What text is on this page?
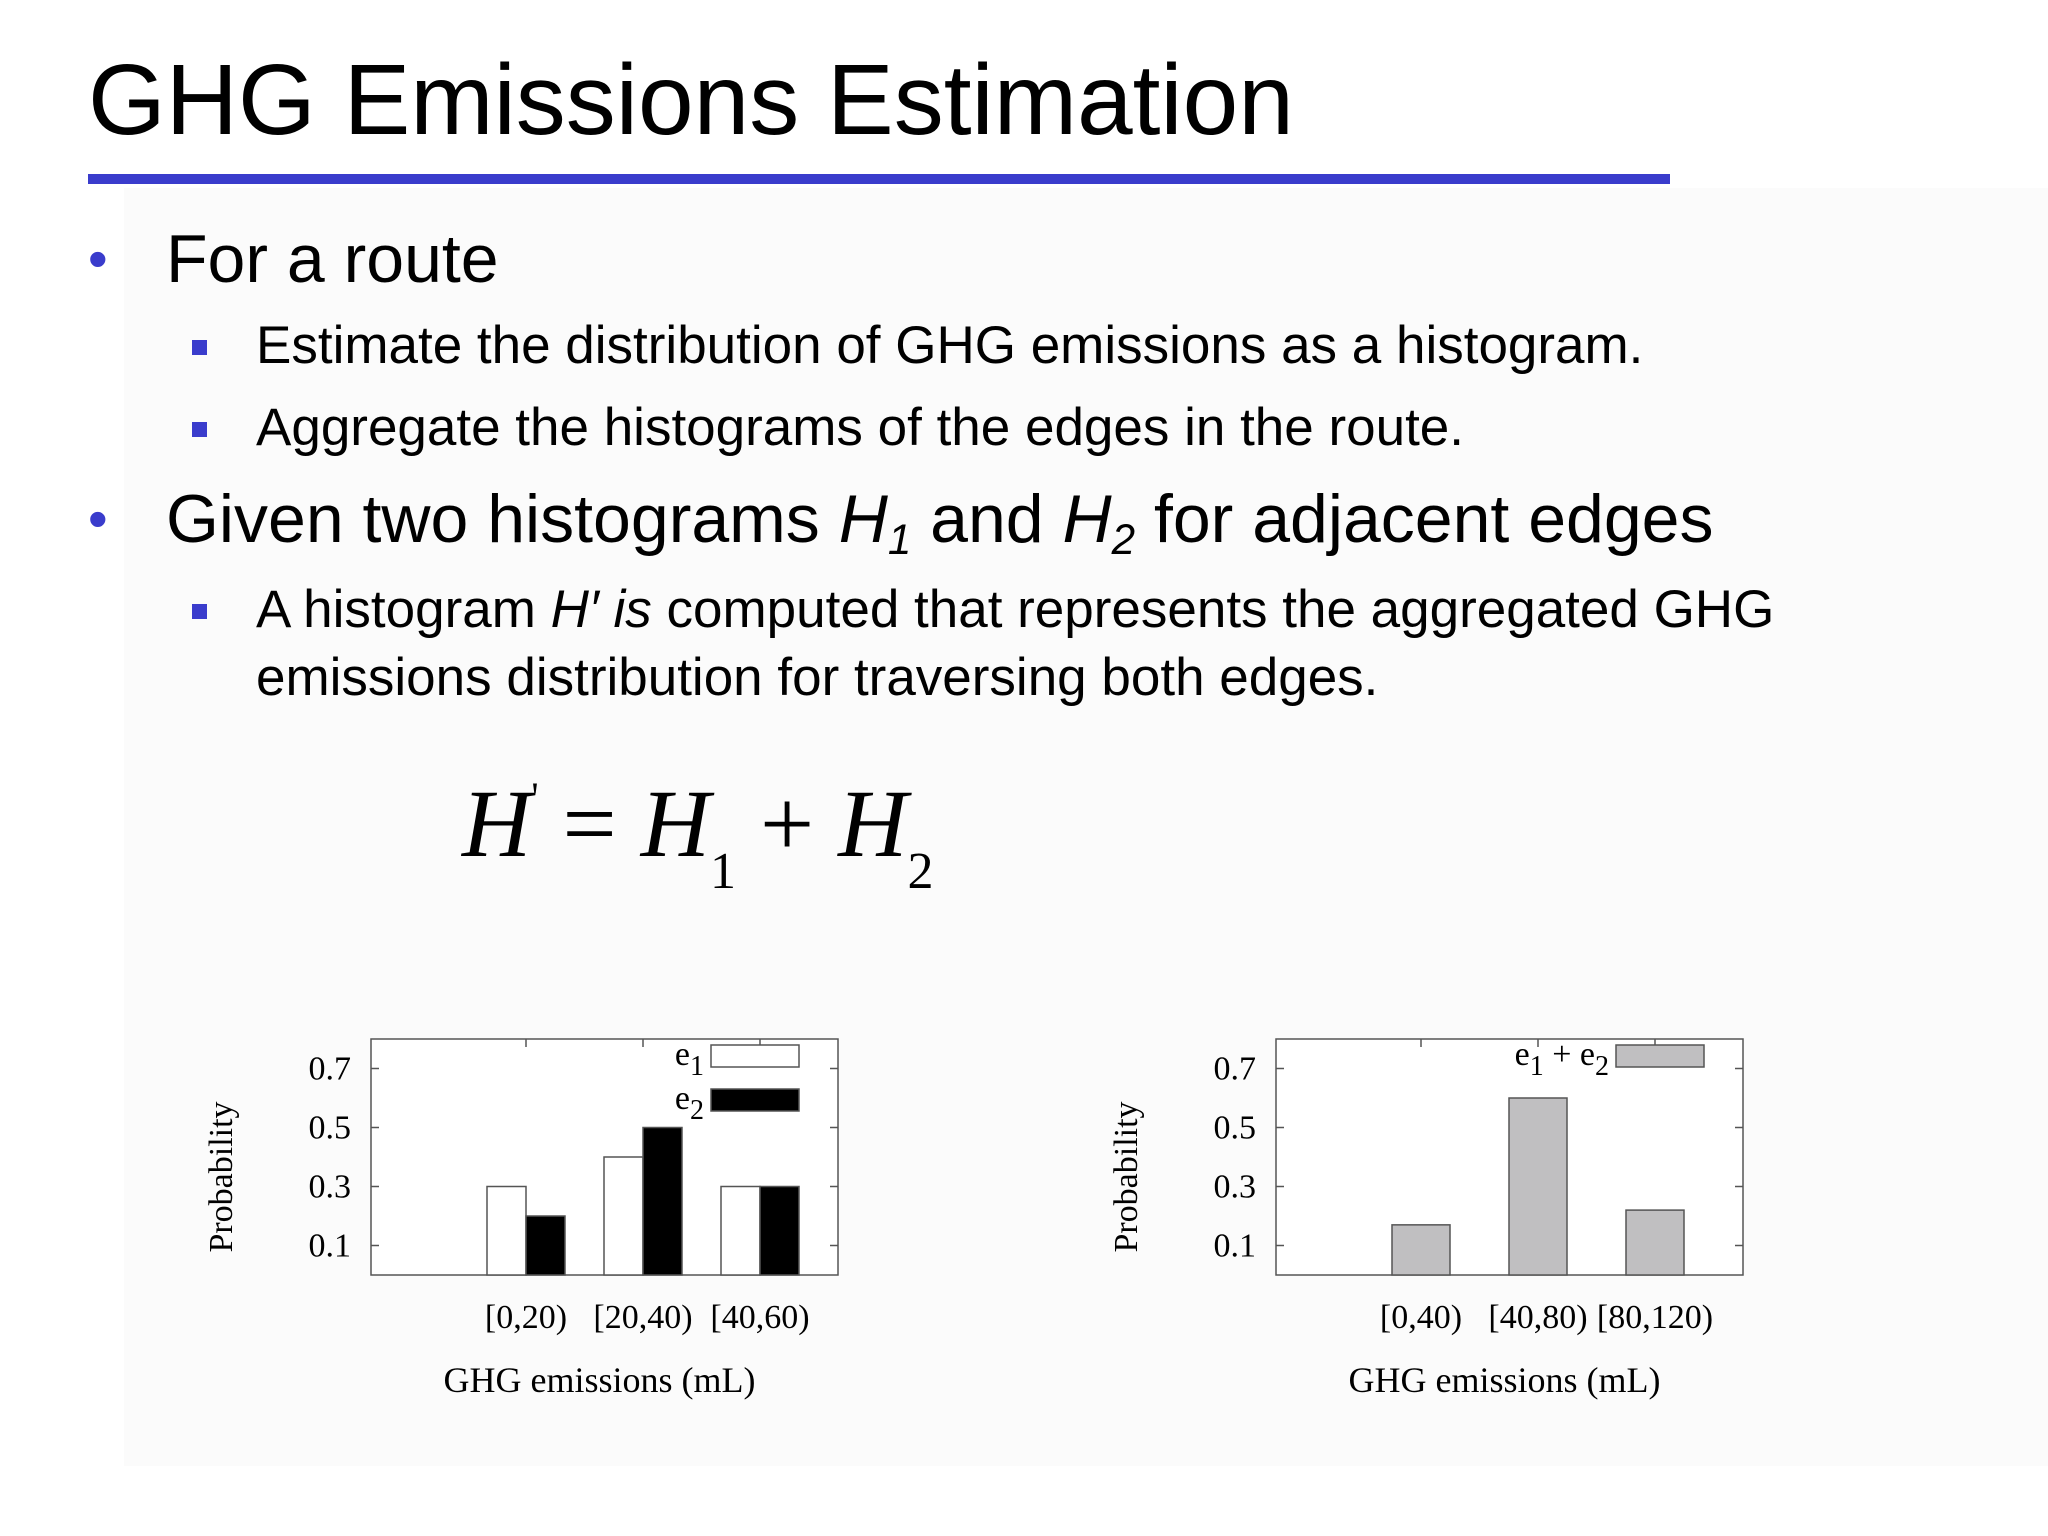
GHG Emissions Estimation
• For a route
Estimate the distribution of GHG emissions as a histogram.
Aggregate the histograms of the edges in the route.
• Given two histograms $H_1$ and $H_2$ for adjacent edges
A histogram H′ is computed that represents the aggregated GHG
emissions distribution for traversing both edges.
$H' = H_1 + H_2$
0.7
0.5
0.3
0.1
Probability
GHG emissions (mL)
[0,20) [20,40) [40,60)
$e_1$
$e_2$
0.7
0.5
0.3
0.1
Probability
GHG emissions (mL)
[0,40) [40,80) [80,120)
$e_1 + e_2$
